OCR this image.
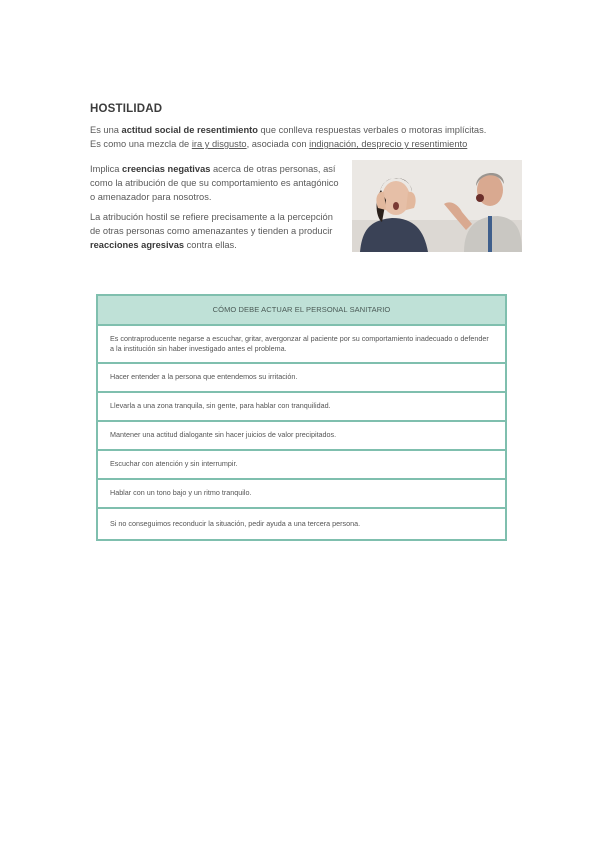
HOSTILIDAD

Es una actitud social de resentimiento que conlleva respuestas verbales o motoras implícitas.
Es como una mezcla de ira y disgusto, asociada con indignación, desprecio y resentimiento

Implica creencias negativas acerca de otras personas, así como la atribución de que su comportamiento es antagónico o amenazador para nosotros.

La atribución hostil se refiere precisamente a la percepción de otras personas como amenazantes y tienden a producir reacciones agresivas contra ellas.

CÓMO DEBE ACTUAR EL PERSONAL SANITARIO
Es contraproducente negarse a escuchar, gritar, avergonzar al paciente por su comportamiento inadecuado o defender a la institución sin haber investigado antes el problema.
Hacer entender a la persona que entendemos su irritación.
Llevarla a una zona tranquila, sin gente, para hablar con tranquilidad.
Mantener una actitud dialogante sin hacer juicios de valor precipitados.
Escuchar con atención y sin interrumpir.
Hablar con un tono bajo y un ritmo tranquilo.
Si no conseguimos reconducir la situación, pedir ayuda a una tercera persona.
